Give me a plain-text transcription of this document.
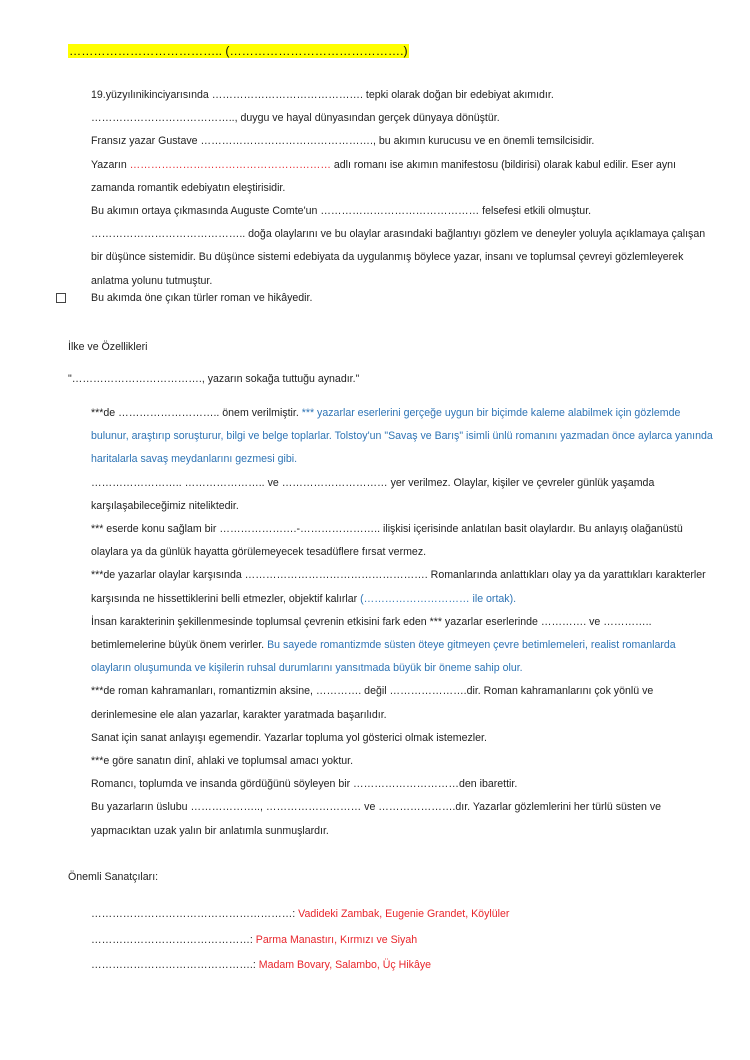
……………………………….. (…………………………………….)

19.yüzyılınikinciyarısında ……………………………………. tepki olarak doğan bir edebiyat akımıdır.

………………………………….., duygu ve hayal dünyasından gerçek dünyaya dönüştür.

Fransız yazar Gustave …………………………………………., bu akımın kurucusu ve en önemli temsilcisidir.

Yazarın ………………………………………………… adlı romanı ise akımın manifestosu (bildirisi) olarak kabul edilir. Eser aynı zamanda romantik edebiyatın eleştirisidir.

Bu akımın ortaya çıkmasında Auguste Comte'un ……………………………………… felsefesi etkili olmuştur.

…………………………………….. doğa olaylarını ve bu olaylar arasındaki bağlantıyı gözlem ve deneyler yoluyla açıklamaya çalışan bir düşünce sistemidir. Bu düşünce sistemi edebiyata da uygulanmış böylece yazar, insanı ve toplumsal çevreyi gözlemleyerek anlatma yolunu tutmuştur.

Bu akımda öne çıkan türler roman ve hikâyedir.
İlke ve Özellikleri
"………………………………., yazarın sokağa tuttuğu aynadır."

***de ……………………….. önem verilmiştir. *** yazarlar eserlerini gerçeğe uygun bir biçimde kaleme alabilmek için gözlemde bulunur, araştırıp soruşturur, bilgi ve belge toplarlar. Tolstoy'un "Savaş ve Barış" isimli ünlü romanını yazmadan önce aylarca yanında haritalarla savaş meydanlarını gezmesi gibi.

…………………….. ………………….. ve ………………………… yer verilmez. Olaylar, kişiler ve çevreler günlük yaşamda karşılaşabileceğimiz niteliktedir.

*** eserde konu sağlam bir ………………….-………………….. ilişkisi içerisinde anlatılan basit olaylardır. Bu anlayış olağanüstü olaylara ya da günlük hayatta görülemeyecek tesadüflere fırsat vermez.

***de yazarlar olaylar karşısında ……………………………………………. Romanlarında anlattıkları olay ya da yarattıkları karakterler karşısında ne hissettiklerini belli etmezler, objektif kalırlar (………………………… ile ortak).

İnsan karakterinin şekillenmesinde toplumsal çevrenin etkisini fark eden *** yazarlar eserlerinde …………. ve ………….. betimlemelerine büyük önem verirler. Bu sayede romantizmde süsten öteye gitmeyen çevre betimlemeleri, realist romanlarda olayların oluşumunda ve kişilerin ruhsal durumlarını yansıtmada büyük bir öneme sahip olur.

***de roman kahramanları, romantizmin aksine, …………. değil ………………….dir. Roman kahramanlarını çok yönlü ve derinlemesine ele alan yazarlar, karakter yaratmada başarılıdır.

Sanat için sanat anlayışı egemendir. Yazarlar topluma yol gösterici olmak istemezler.

***e göre sanatın dinî, ahlaki ve toplumsal amacı yoktur.

Romancı, toplumda ve insanda gördüğünü söyleyen bir …………………………den ibarettir.

Bu yazarların üslubu ……………….., ……………………… ve ………………….dır. Yazarlar gözlemlerini her türlü süsten ve yapmacıktan uzak yalın bir anlatımla sunmuşlardır.

Önemli Sanatçıları:
…………………………………………………: Vadideki Zambak, Eugenie Grandet, Köylüler
………………………………………: Parma Manastırı, Kırmızı ve Siyah
……………………………………….: Madam Bovary, Salambo, Üç Hikâye
